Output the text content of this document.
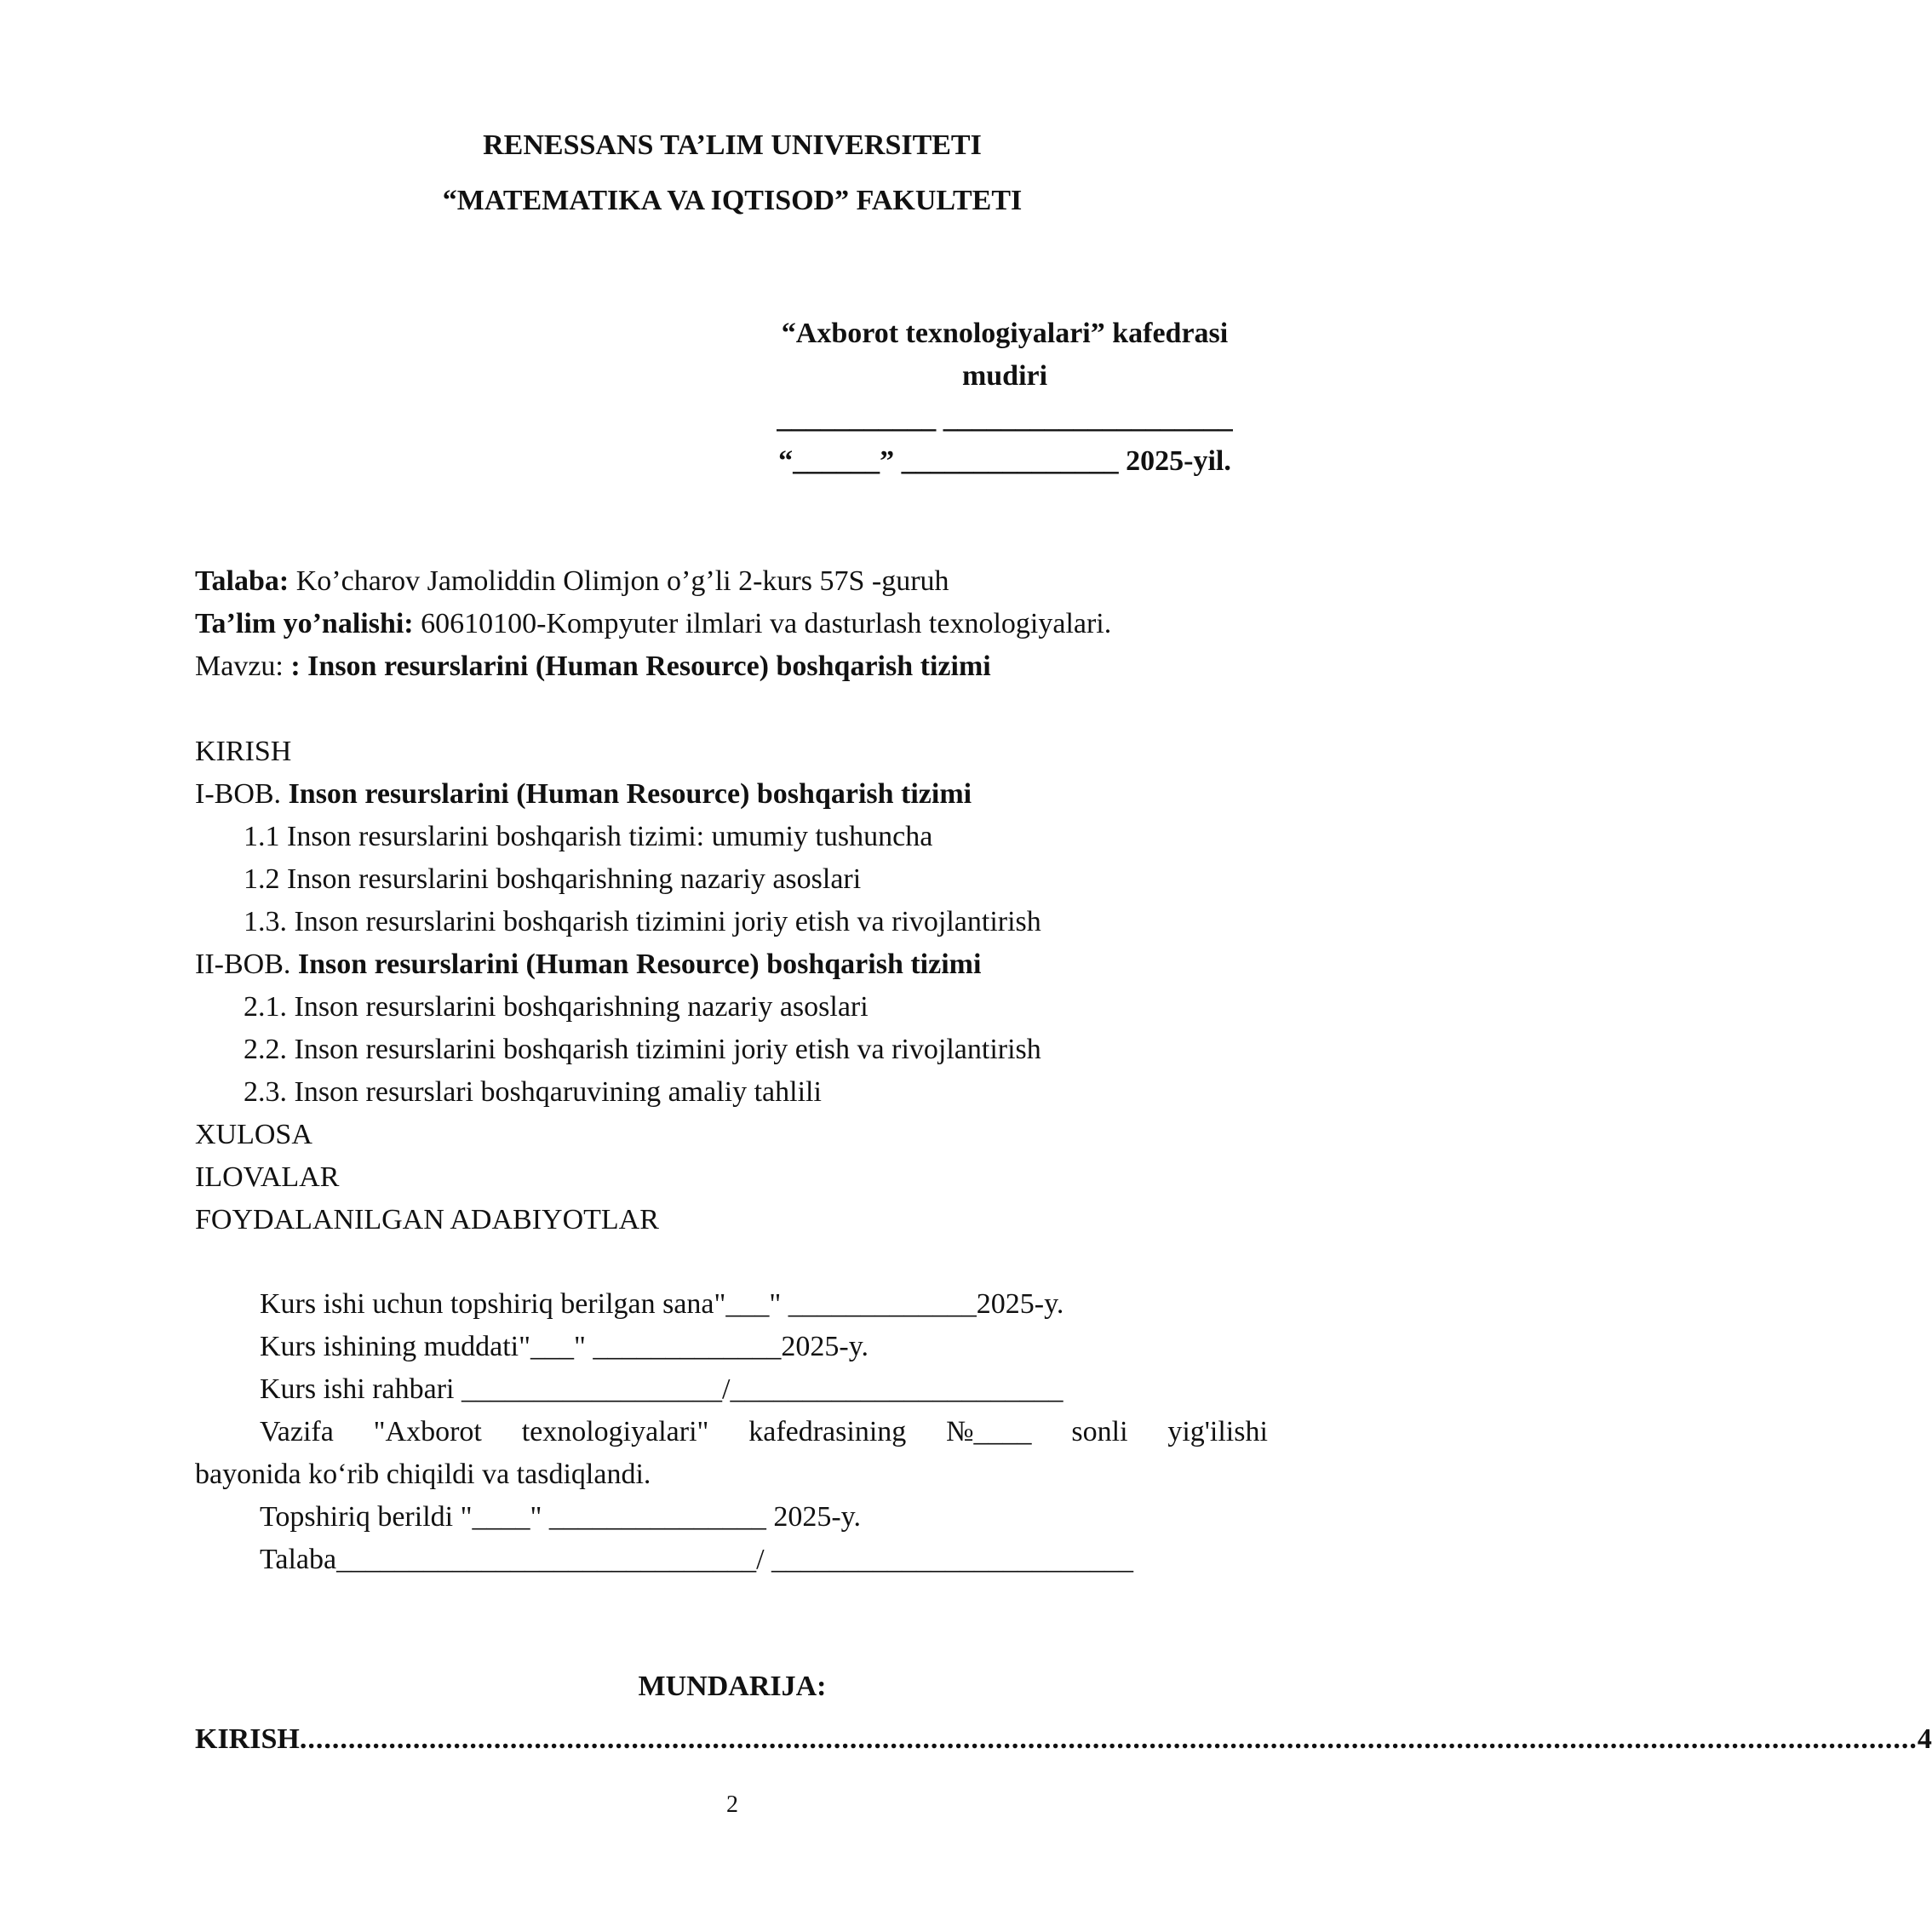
RENESSANS TA’LIM UNIVERSITETI
“MATEMATIKA VA IQTISOD” FAKULTETI
“Axborot texnologiyalari” kafedrasi
mudiri
___________ ____________________
“______” _______________ 2025-yil.
Talaba: Ko’charov Jamoliddin Olimjon o’g’li 2-kurs 57S -guruh
Ta’lim yo’nalishi: 60610100-Kompyuter ilmlari va dasturlash texnologiyalari.
Mavzu: : Inson resurslarini (Human Resource) boshqarish tizimi
KIRISH
I-BOB. Inson resurslarini (Human Resource) boshqarish tizimi
1.1 Inson resurslarini boshqarish tizimi: umumiy tushuncha
1.2 Inson resurslarini boshqarishning nazariy asoslari
1.3. Inson resurslarini boshqarish tizimini joriy etish va rivojlantirish
II-BOB. Inson resurslarini (Human Resource) boshqarish tizimi
2.1. Inson resurslarini boshqarishning nazariy asoslari
2.2. Inson resurslarini boshqarish tizimini joriy etish va rivojlantirish
2.3. Inson resurslari boshqaruvining amaliy tahlili
XULOSA
ILOVALAR
FOYDALANILGAN ADABIYOTLAR
Kurs ishi uchun topshiriq berilgan sana"___" _____________2025-y.
Kurs ishining muddati"___" _____________2025-y.
Kurs ishi rahbari __________________/_______________________
Vazifa "Axborot texnologiyalari" kafedrasining №____ sonli yig'ilishi
bayonida ko‘rib chiqildi va tasdiqlandi.
Topshiriq berildi "____" _______________ 2025-y.
Talaba_____________________________/ _________________________
MUNDARIJA:
KIRISH ........................................................................................................................................................................................................ 4
2
